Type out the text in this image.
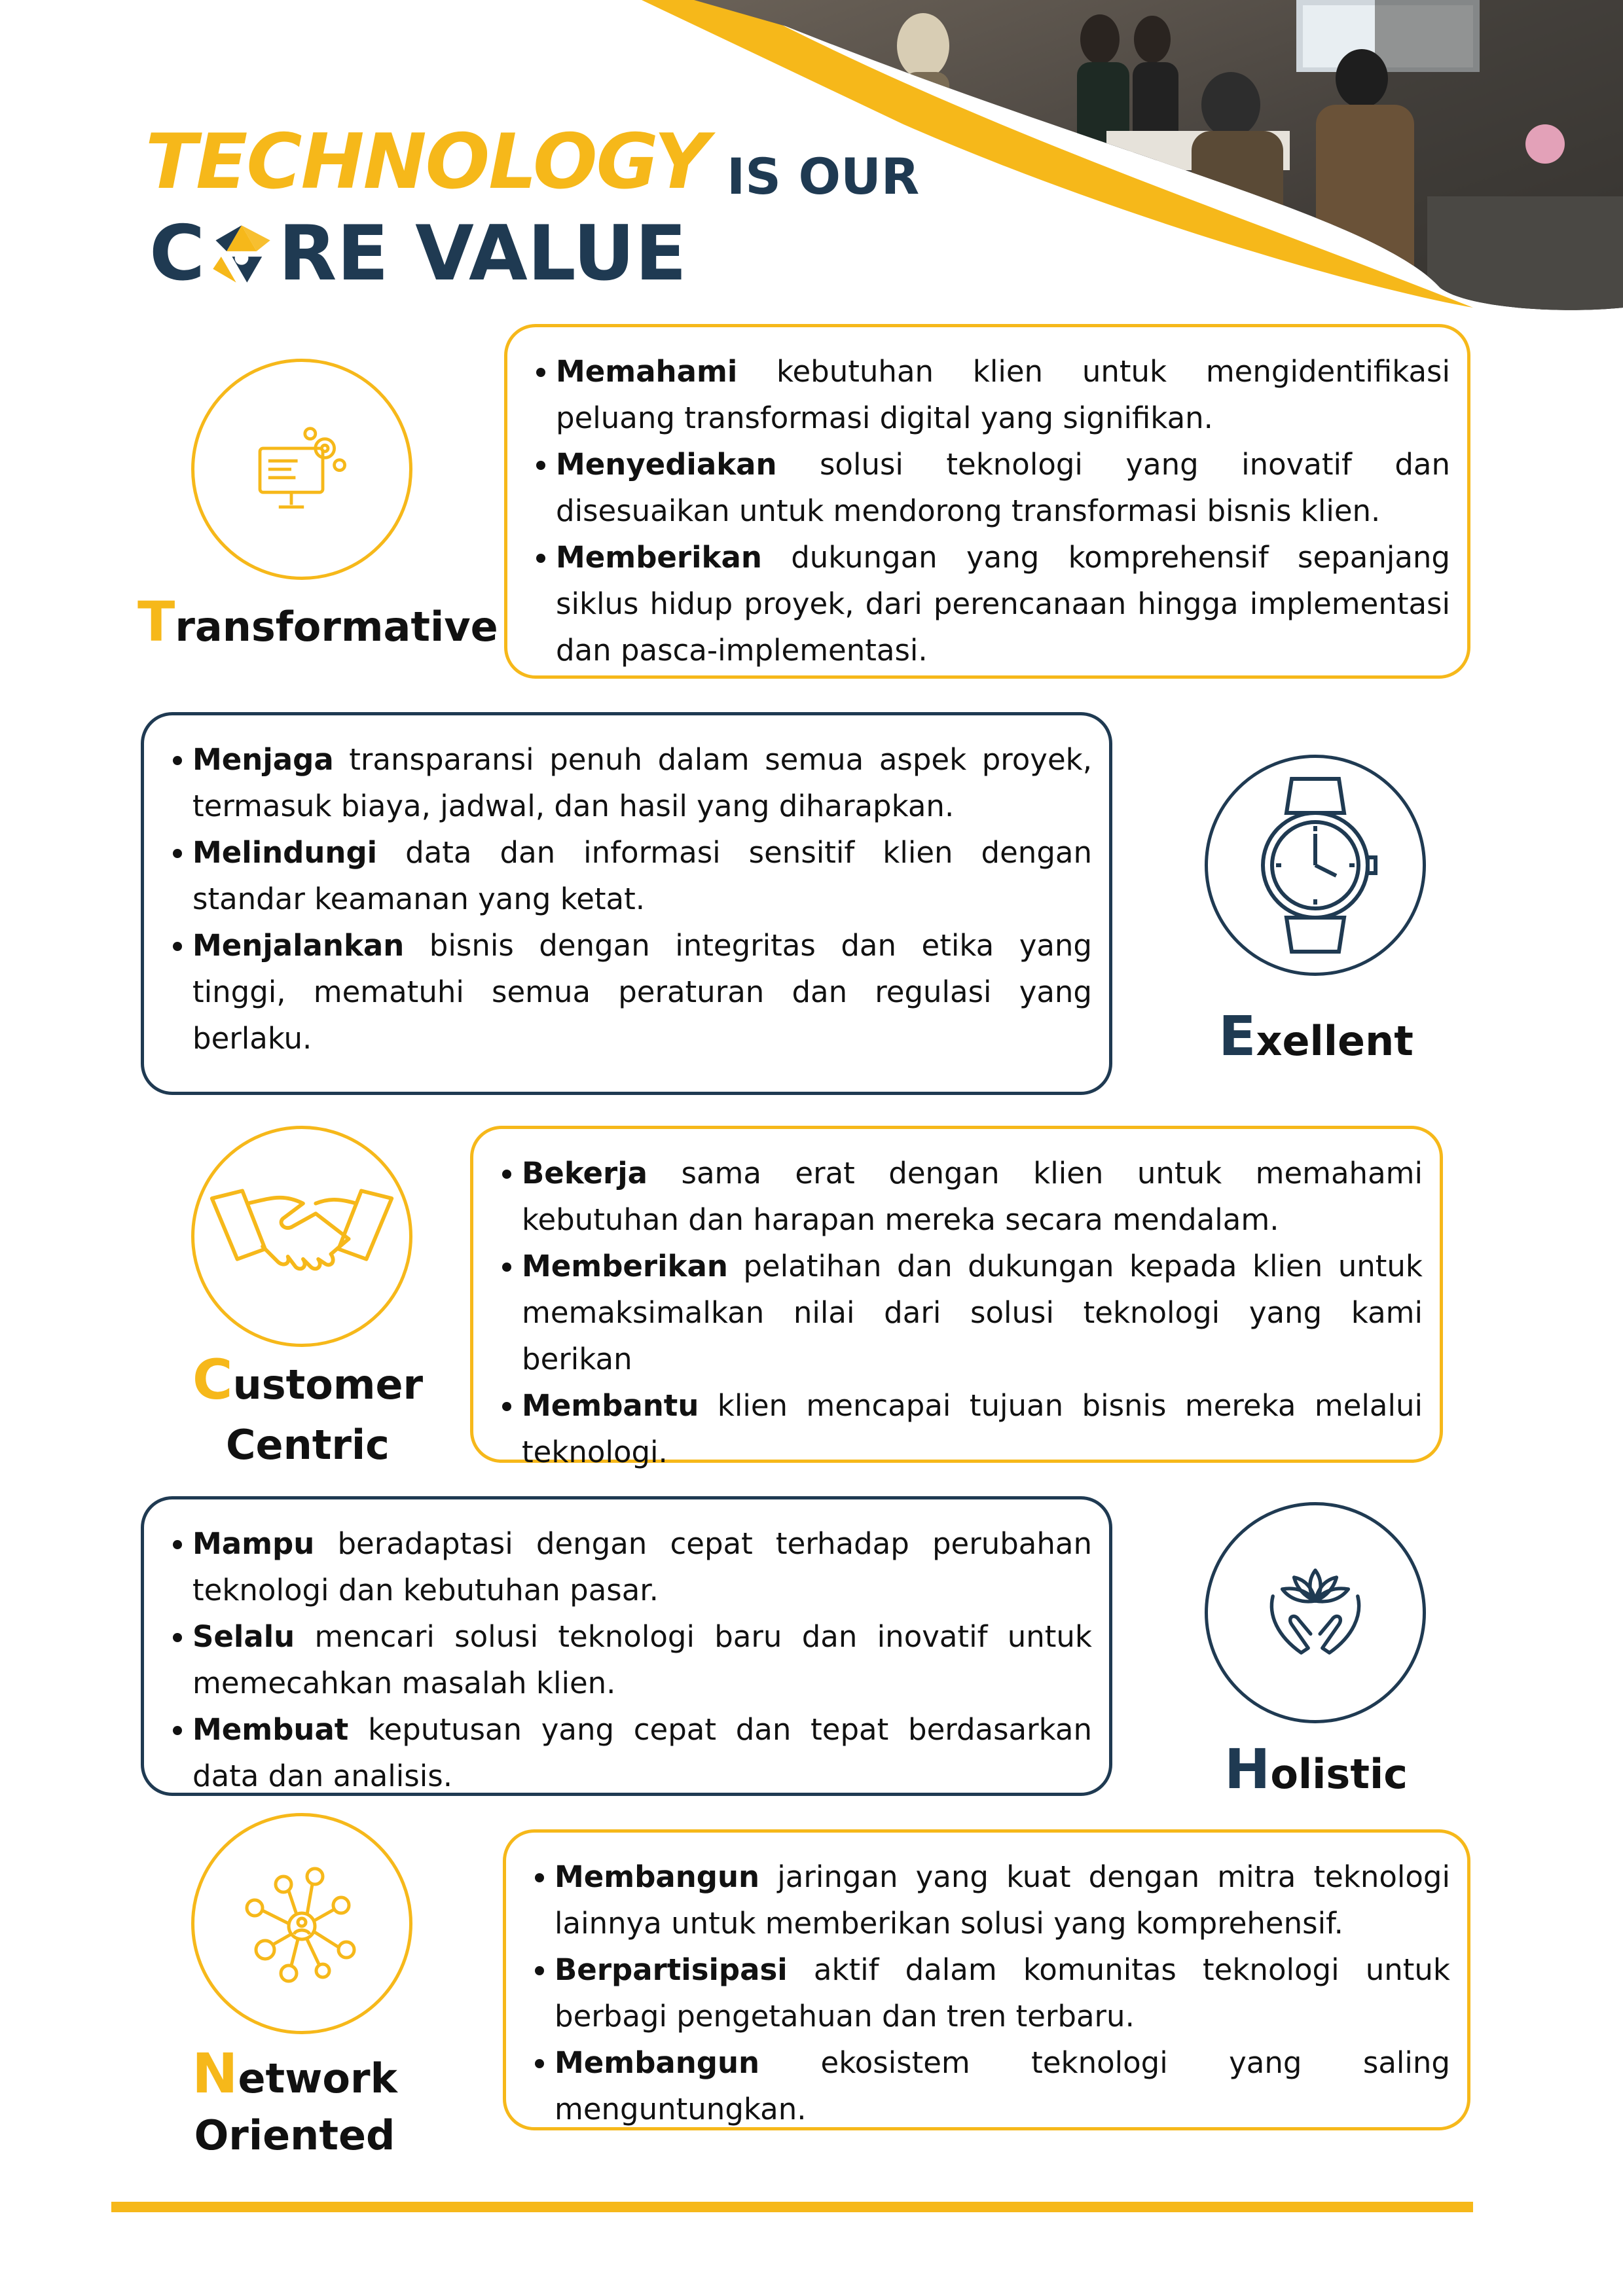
TECHNOLOGY IS OUR
C RE VALUE
Transformative
Memahami kebutuhan klien untuk mengidentifikasi peluang transformasi digital yang signifikan.
Menyediakan solusi teknologi yang inovatif dan disesuaikan untuk mendorong transformasi bisnis klien.
Memberikan dukungan yang komprehensif sepanjang siklus hidup proyek, dari perencanaan hingga implementasi dan pasca-implementasi.
Menjaga transparansi penuh dalam semua aspek proyek, termasuk biaya, jadwal, dan hasil yang diharapkan.
Melindungi data dan informasi sensitif klien dengan standar keamanan yang ketat.
Menjalankan bisnis dengan integritas dan etika yang tinggi, mematuhi semua peraturan dan regulasi yang berlaku.	Exellent
Customer
Centric
Bekerja sama erat dengan klien untuk memahami kebutuhan dan harapan mereka secara mendalam.
Memberikan pelatihan dan dukungan kepada klien untuk memaksimalkan nilai dari solusi teknologi yang kami berikan
Membantu klien mencapai tujuan bisnis mereka melalui teknologi.
Mampu beradaptasi dengan cepat terhadap perubahan teknologi dan kebutuhan pasar.
Selalu mencari solusi teknologi baru dan inovatif untuk memecahkan masalah klien.
Membuat keputusan yang cepat dan tepat berdasarkan data dan analisis.	Holistic
Network
Oriented
Membangun jaringan yang kuat dengan mitra teknologi lainnya untuk memberikan solusi yang komprehensif.
Berpartisipasi aktif dalam komunitas teknologi untuk berbagi pengetahuan dan tren terbaru.
Membangun ekosistem teknologi yang saling menguntungkan.
